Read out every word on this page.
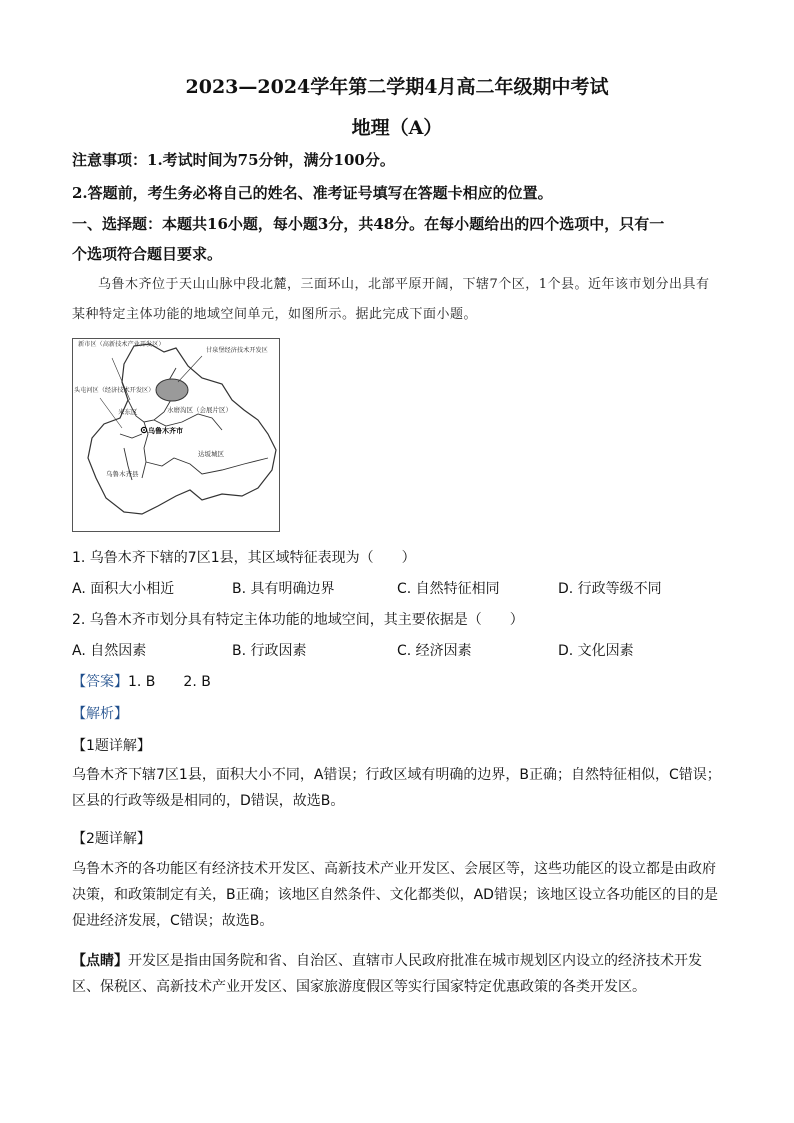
2023—2024学年第二学期4月高二年级期中考试
地理（A）
注意事项：1.考试时间为75分钟，满分100分。
2.答题前，考生务必将自己的姓名、准考证号填写在答题卡相应的位置。
一、选择题：本题共16小题，每小题3分，共48分。在每小题给出的四个选项中，只有一
个选项符合题目要求。
乌鲁木齐位于天山山脉中段北麓，三面环山，北部平原开阔，下辖7个区，1个县。近年该市划分出具有某种特定主体功能的地域空间单元，如图所示。据此完成下面小题。
新市区（高新技术产业开发区）
甘泉堡经济技术开发区
头屯河区（经济技术开发区）
米东区	水磨沟区（会展片区）
乌鲁木齐市
达坂城区
乌鲁木齐县
1. 乌鲁木齐下辖的7区1县，其区域特征表现为（　　）
A. 面积大小相近	B. 具有明确边界	C. 自然特征相同	D. 行政等级不同
2. 乌鲁木齐市划分具有特定主体功能的地域空间，其主要依据是（　　）
A. 自然因素	B. 行政因素	C. 经济因素	D. 文化因素
【答案】1. B　　2. B
【解析】
【1题详解】
乌鲁木齐下辖7区1县，面积大小不同，A错误；行政区域有明确的边界，B正确；自然特征相似，C错误；区县的行政等级是相同的，D错误，故选B。
【2题详解】
乌鲁木齐的各功能区有经济技术开发区、高新技术产业开发区、会展区等，这些功能区的设立都是由政府决策，和政策制定有关，B正确；该地区自然条件、文化都类似，AD错误；该地区设立各功能区的目的是促进经济发展，C错误；故选B。
【点睛】开发区是指由国务院和省、自治区、直辖市人民政府批准在城市规划区内设立的经济技术开发区、保税区、高新技术产业开发区、国家旅游度假区等实行国家特定优惠政策的各类开发区。
